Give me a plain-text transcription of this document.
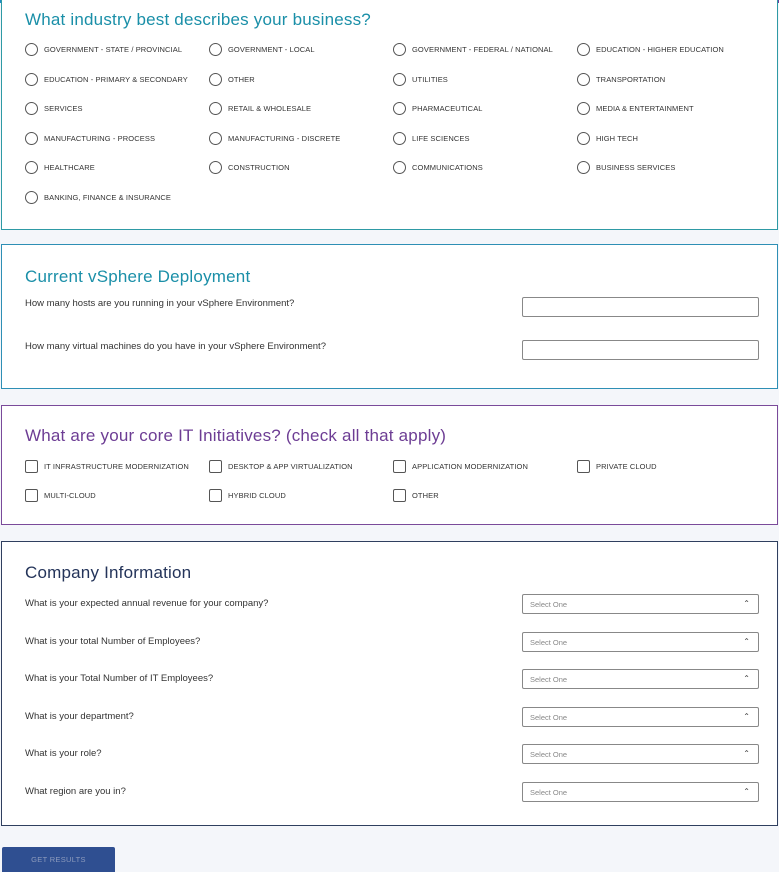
What industry best describes your business?
GOVERNMENT - STATE / PROVINCIAL	GOVERNMENT - LOCAL	GOVERNMENT - FEDERAL / NATIONAL	EDUCATION - HIGHER EDUCATION
EDUCATION - PRIMARY & SECONDARY	OTHER	UTILITIES	TRANSPORTATION
SERVICES	RETAIL & WHOLESALE	PHARMACEUTICAL	MEDIA & ENTERTAINMENT
MANUFACTURING - PROCESS	MANUFACTURING - DISCRETE	LIFE SCIENCES	HIGH TECH
HEALTHCARE	CONSTRUCTION	COMMUNICATIONS	BUSINESS SERVICES
BANKING, FINANCE & INSURANCE
Current vSphere Deployment
How many hosts are you running in your vSphere Environment?
How many virtual machines do you have in your vSphere Environment?
What are your core IT Initiatives? (check all that apply)
IT INFRASTRUCTURE MODERNIZATION	DESKTOP & APP VIRTUALIZATION	APPLICATION MODERNIZATION	PRIVATE CLOUD
MULTI-CLOUD	HYBRID CLOUD	OTHER
Company Information
What is your expected annual revenue for your company?	Select One	⌃
What is your total Number of Employees?	Select One	⌃
What is your Total Number of IT Employees?	Select One	⌃
What is your department?	Select One	⌃
What is your role?	Select One	⌃
What region are you in?	Select One	⌃
GET RESULTS
